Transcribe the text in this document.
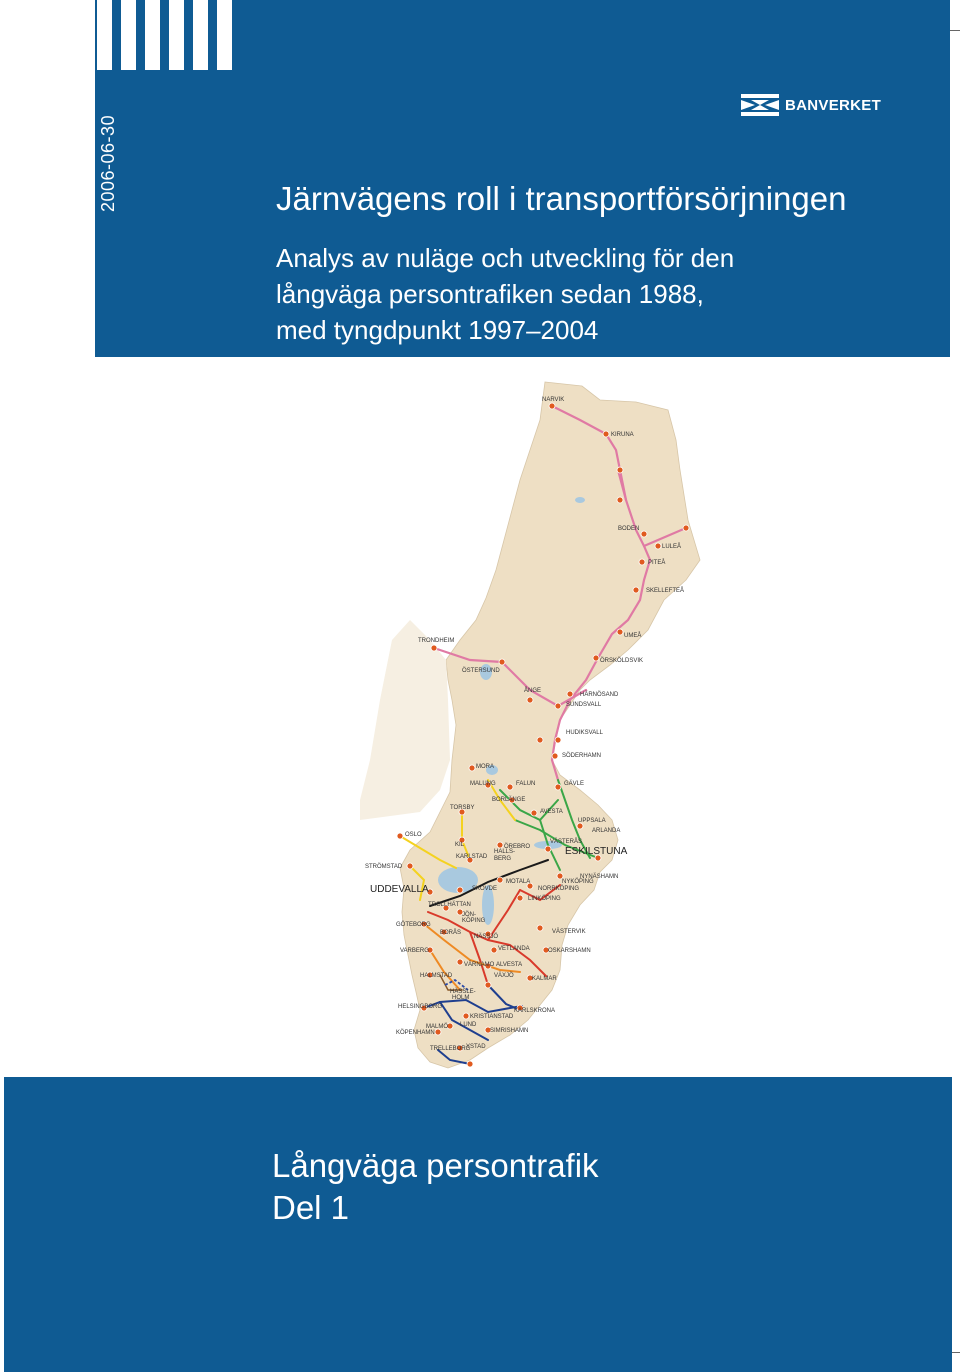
2006-06-30
BANVERKET
Järnvägens roll i transportförsörjningen
Analys av nuläge och utveckling för den
långväga persontrafiken sedan 1988,
med tyngdpunkt 1997–2004
NARVIK
KIRUNA
BODEN
LULEÅ
PITEÅ
SKELLEFTEÅ
TRONDHEIM
UMEÅ
ÖRSKÖLDSVIK
ÖSTERSUND
ÅNGE
HÄRNÖSAND
SUNDSVALL
HUDIKSVALL
SÖDERHAMN
MORA
MALUNG	FALUN	GÄVLE
BORLÄNGE
TORSBY
AVESTA
UPPSALA
ARLANDA
OSLO
KIL	ÖREBRO
VÄSTERÅS
HALLS-
BERG
KARLSTAD	ESKILSTUNA
STRÖMSTAD
NYNÄSHAMN
NYKÖPING
MOTALA
NORRKÖPING
UDDEVALLA	SKÖVDE
LINKÖPING
TROLLHÄTTAN
JÖN-
KÖPING
GÖTEBORG
BORÅS	VÄSTERVIK
NÄSSJÖ
VARBERG	VETLANDA	OSKARSHAMN
VÄRNAMO ALVESTA
HALMSTAD	VÄXJÖ	KALMAR
HÄSSLE-
HOLM
HELSINGBORG
KARLSKRONA
KRISTIANSTAD
LUND
MALMÖ
SIMRISHAMN
KÖPENHAMN
TRELLEBORG
YSTAD
Långväga persontrafik
Del 1
